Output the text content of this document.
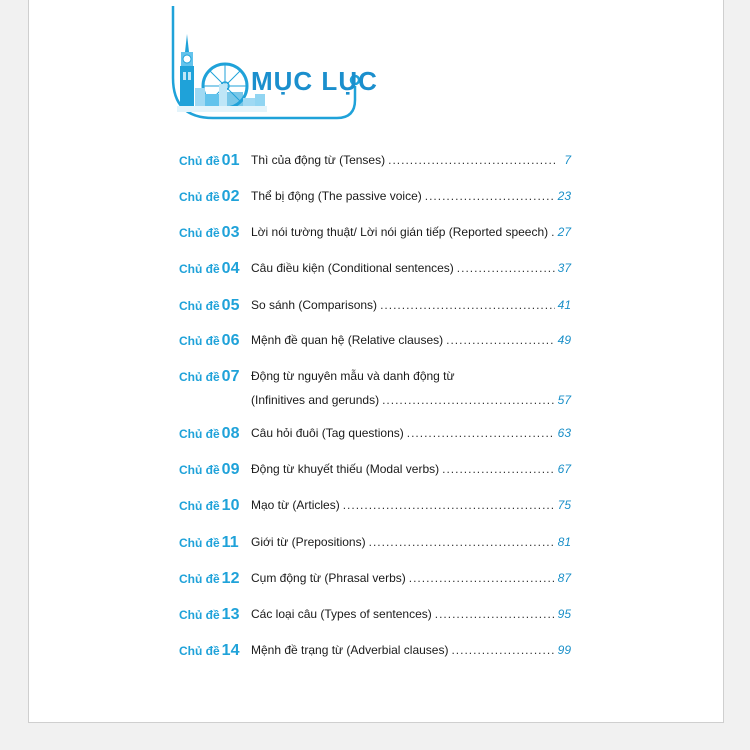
MỤC LỤC
Chủ đề 01 Thì của động từ (Tenses) .....	7
Chủ đề 02 Thể bị động (The passive voice) .....	23
Chủ đề 03 Lời nói tường thuật/ Lời nói gián tiếp (Reported speech) ..... 27
Chủ đề 04 Câu điều kiện (Conditional sentences) .....	37
Chủ đề 05 So sánh (Comparisons) .....	41
Chủ đề 06 Mệnh đề quan hệ (Relative clauses) .....	49
Chủ đề 07 Động từ nguyên mẫu và danh động từ
(Infinitives and gerunds) .....	57
Chủ đề 08 Câu hỏi đuôi (Tag questions) .....	63
Chủ đề 09 Động từ khuyết thiếu (Modal verbs) .....	67
Chủ đề 10 Mạo từ (Articles) .....	75
Chủ đề 11 Giới từ (Prepositions) .....	81
Chủ đề 12 Cụm động từ (Phrasal verbs) .....	87
Chủ đề 13 Các loại câu (Types of sentences) .....	95
Chủ đề 14 Mệnh đề trạng từ (Adverbial clauses) .....	99
